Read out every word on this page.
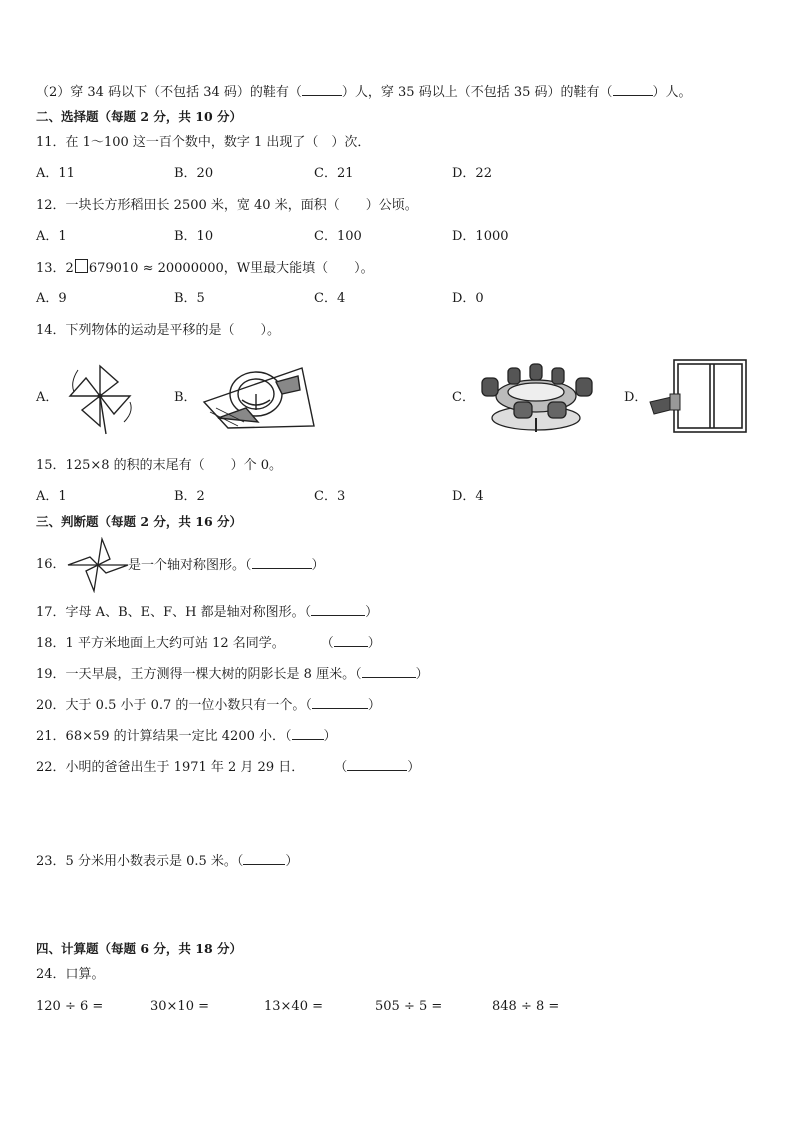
（2）穿 34 码以下（不包括 34 码）的鞋有（	）人，穿 35 码以上（不包括 35 码）的鞋有（	）人。
二、选择题（每题 2 分，共 10 分）
11．在 1～100 这一百个数中，数字 1 出现了（　）次．
A．11	B．20	C．21	D．22
12．一块长方形稻田长 2500 米，宽 40 米，面积（　　）公顷。
A．1	B．10	C．100	D．1000
13．2 679010 ≈ 20000000，W里最大能填（　　）。
A．9	B．5	C．4	D．0
14．下列物体的运动是平移的是（　　）。
A．	B．	C．	D．
15．125×8 的积的末尾有（　　）个 0。
A．1	B．2	C．3	D．4
三、判断题（每题 2 分，共 16 分）
16．	是一个轴对称图形。（	）
17．字母 A、B、E、F、H 都是轴对称图形。（	）
18．1 平方米地面上大约可站 12 名同学。	（	）
19．一天早晨，王方测得一棵大树的阴影长是 8 厘米。（	）
20．大于 0.5 小于 0.7 的一位小数只有一个。（	）
21．68×59 的计算结果一定比 4200 小．（ ）
22．小明的爸爸出生于 1971 年 2 月 29 日． （	）
23．5 分米用小数表示是 0.5 米。（	）
四、计算题（每题 6 分，共 18 分）
24．口算。
120 ÷ 6 =	30×10 =	13×40 =	505 ÷ 5 =	848 ÷ 8 =
